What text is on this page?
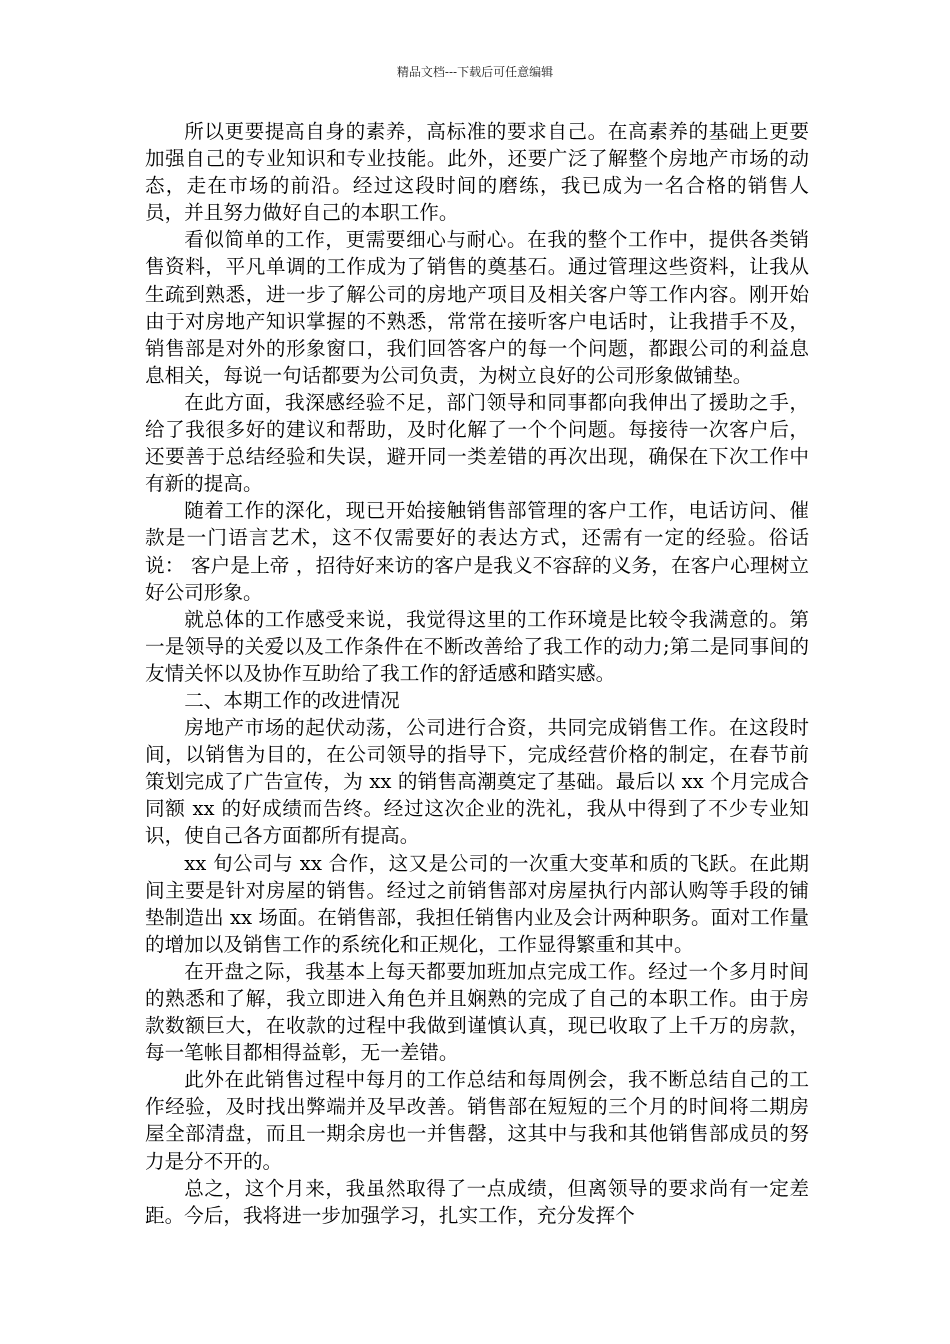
精品文档---下载后可任意编辑

所以更要提高自身的素养，高标准的要求自己。在高素养的基础上更要加强自己的专业知识和专业技能。此外，还要广泛了解整个房地产市场的动态，走在市场的前沿。经过这段时间的磨练，我已成为一名合格的销售人员，并且努力做好自己的本职工作。

看似简单的工作，更需要细心与耐心。在我的整个工作中，提供各类销售资料，平凡单调的工作成为了销售的奠基石。通过管理这些资料，让我从生疏到熟悉，进一步了解公司的房地产项目及相关客户等工作内容。刚开始由于对房地产知识掌握的不熟悉，常常在接听客户电话时，让我措手不及，销售部是对外的形象窗口，我们回答客户的每一个问题，都跟公司的利益息息相关，每说一句话都要为公司负责，为树立良好的公司形象做铺垫。

在此方面，我深感经验不足，部门领导和同事都向我伸出了援助之手，给了我很多好的建议和帮助，及时化解了一个个问题。每接待一次客户后，还要善于总结经验和失误，避开同一类差错的再次出现，确保在下次工作中有新的提高。

随着工作的深化，现已开始接触销售部管理的客户工作，电话访问、催款是一门语言艺术，这不仅需要好的表达方式，还需有一定的经验。俗话说： 客户是上帝 ，招待好来访的客户是我义不容辞的义务，在客户心理树立好公司形象。

就总体的工作感受来说，我觉得这里的工作环境是比较令我满意的。第一是领导的关爱以及工作条件在不断改善给了我工作的动力;第二是同事间的友情关怀以及协作互助给了我工作的舒适感和踏实感。

二、本期工作的改进情况

房地产市场的起伏动荡，公司进行合资，共同完成销售工作。在这段时间，以销售为目的，在公司领导的指导下，完成经营价格的制定，在春节前策划完成了广告宣传，为 xx 的销售高潮奠定了基础。最后以 xx 个月完成合同额 xx 的好成绩而告终。经过这次企业的洗礼，我从中得到了不少专业知识，使自己各方面都所有提高。

xx 旬公司与 xx 合作，这又是公司的一次重大变革和质的飞跃。在此期间主要是针对房屋的销售。经过之前销售部对房屋执行内部认购等手段的铺垫制造出 xx 场面。在销售部，我担任销售内业及会计两种职务。面对工作量的增加以及销售工作的系统化和正规化，工作显得繁重和其中。

在开盘之际，我基本上每天都要加班加点完成工作。经过一个多月时间的熟悉和了解，我立即进入角色并且娴熟的完成了自己的本职工作。由于房款数额巨大，在收款的过程中我做到谨慎认真，现已收取了上千万的房款，每一笔帐目都相得益彰，无一差错。

此外在此销售过程中每月的工作总结和每周例会，我不断总结自己的工作经验，及时找出弊端并及早改善。销售部在短短的三个月的时间将二期房屋全部清盘，而且一期余房也一并售罄，这其中与我和其他销售部成员的努力是分不开的。

总之，这个月来，我虽然取得了一点成绩，但离领导的要求尚有一定差距。今后，我将进一步加强学习，扎实工作，充分发挥个
